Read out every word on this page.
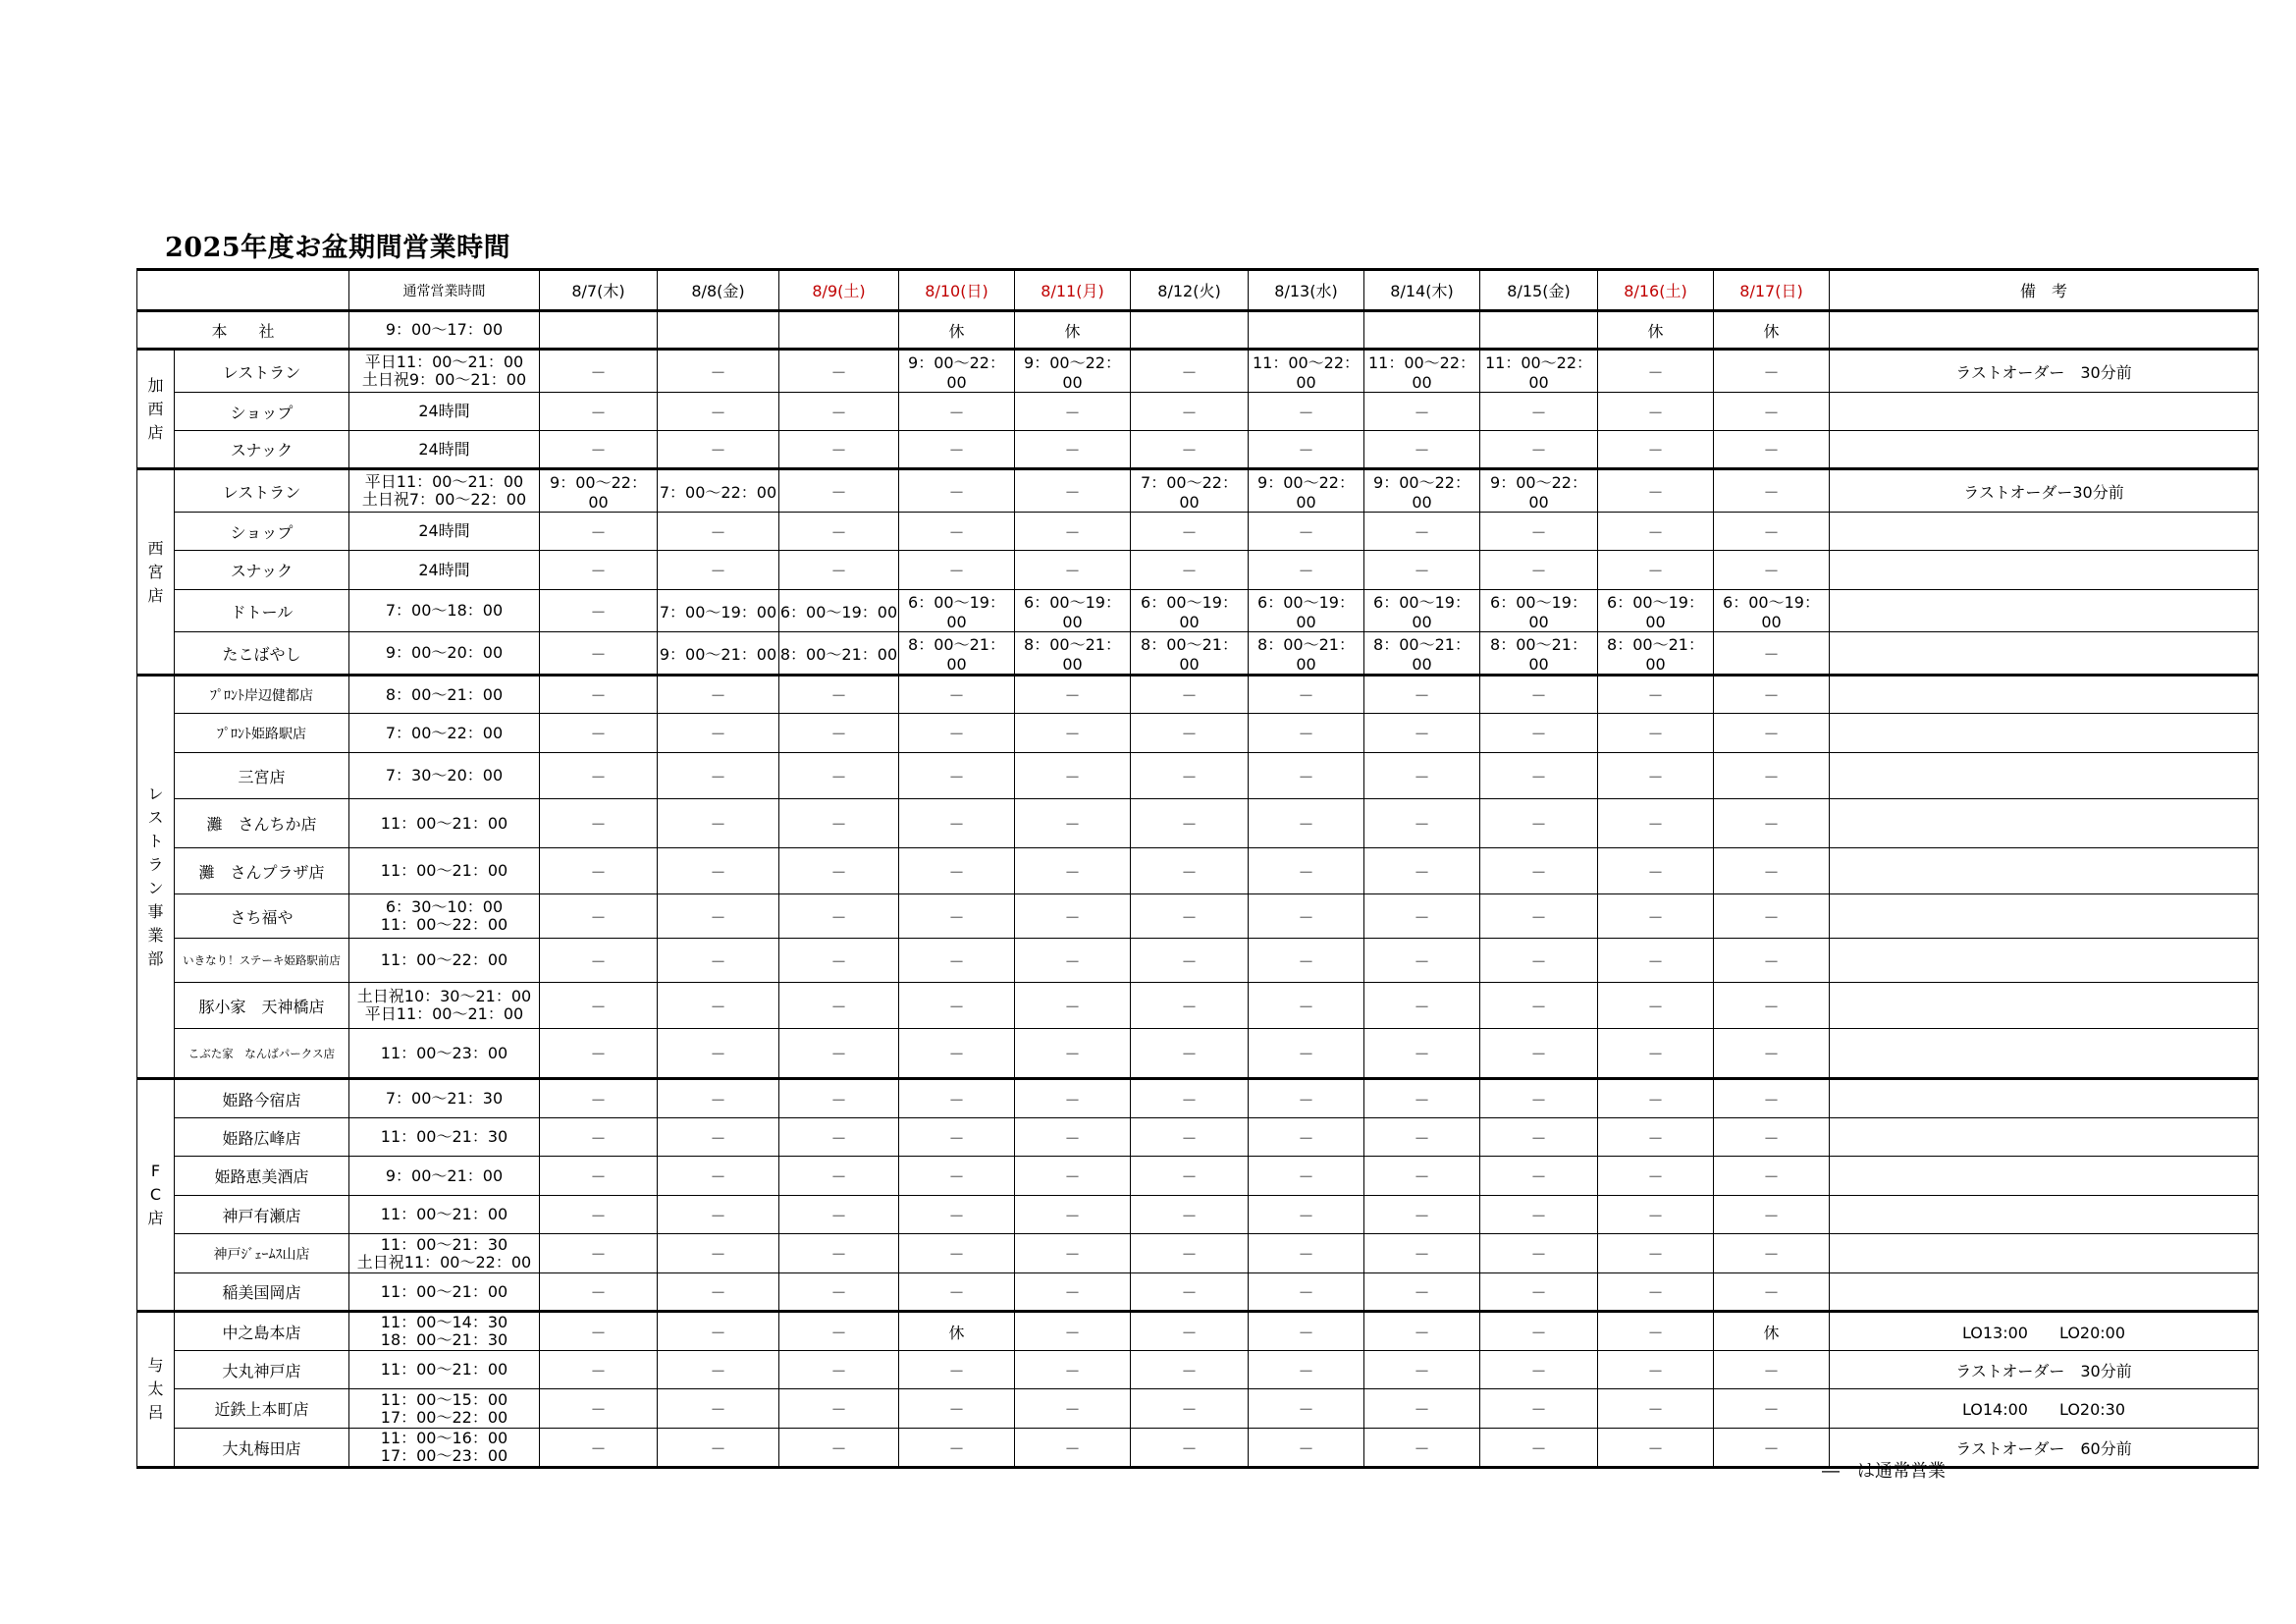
2025年度お盆期間営業時間
		通常営業時間	8/7(木)	8/8(金)	8/9(土)	8/10(日)	8/11(月)	8/12(火)	8/13(水)	8/14(木)	8/15(金)	8/16(土)	8/17(日)	備　考
本　　社		9：00～17：00				休	休					休	休	

加西店	レストラン	平日11：00～21：00
土日祝9：00～21：00	－	－	－	9：00～22：00	9：00～22：00	－	11：00～22：00	11：00～22：00	11：00～22：00	－	－	ラストオーダー　30分前
	ショップ	24時間	－	－	－	－	－	－	－	－	－	－	－	
	スナック	24時間	－	－	－	－	－	－	－	－	－	－	－	

西宮店	レストラン	平日11：00～21：00
土日祝7：00～22：00	9：00～22：00	7：00～22：00	－	－	－	7：00～22：00	9：00～22：00	9：00～22：00	9：00～22：00	－	－	ラストオーダー30分前
	ショップ	24時間	－	－	－	－	－	－	－	－	－	－	－	
	スナック	24時間	－	－	－	－	－	－	－	－	－	－	－	
	ドトール	7：00～18：00	－	7：00～19：00	6：00～19：00	6：00～19：00	6：00～19：00	6：00～19：00	6：00～19：00	6：00～19：00	6：00～19：00	6：00～19：00	6：00～19：00	
	たこばやし	9：00～20：00	－	9：00～21：00	8：00～21：00	8：00～21：00	8：00～21：00	8：00～21：00	8：00～21：00	8：00～21：00	8：00～21：00	8：00～21：00	－	

レストラン事業部	ﾌﾟﾛﾝﾄ岸辺健都店	8：00～21：00	－	－	－	－	－	－	－	－	－	－	－	
	ﾌﾟﾛﾝﾄ姫路駅店	7：00～22：00	－	－	－	－	－	－	－	－	－	－	－	
	三宮店	7：30～20：00	－	－	－	－	－	－	－	－	－	－	－	
	灘　さんちか店	11：00～21：00	－	－	－	－	－	－	－	－	－	－	－	
	灘　さんプラザ店	11：00～21：00	－	－	－	－	－	－	－	－	－	－	－	
	さち福や	6：30～10：00
11：00～22：00	－	－	－	－	－	－	－	－	－	－	－	
	いきなり！ステーキ姫路駅前店	11：00～22：00	－	－	－	－	－	－	－	－	－	－	－	
	豚小家　天神橋店	土日祝10：30～21：00
平日11：00～21：00	－	－	－	－	－	－	－	－	－	－	－	
	こぶた家　なんばパークス店	11：00～23：00	－	－	－	－	－	－	－	－	－	－	－	

FC店	姫路今宿店	7：00～21：30	－	－	－	－	－	－	－	－	－	－	－	
	姫路広峰店	11：00～21：30	－	－	－	－	－	－	－	－	－	－	－	
	姫路恵美酒店	9：00～21：00	－	－	－	－	－	－	－	－	－	－	－	
	神戸有瀬店	11：00～21：00	－	－	－	－	－	－	－	－	－	－	－	
	神戸ｼﾞｪｰﾑｽ山店	11：00～21：30
土日祝11：00～22：00	－	－	－	－	－	－	－	－	－	－	－	
	稲美国岡店	11：00～21：00	－	－	－	－	－	－	－	－	－	－	－	

与太呂	中之島本店	11：00～14：30
18：00～21：30	－	－	－	休	－	－	－	－	－	－	休	LO13:00　　LO20:00
	大丸神戸店	11：00～21：00	－	－	－	－	－	－	－	－	－	－	－	ラストオーダー　30分前
	近鉄上本町店	11：00～15：00
17：00～22：00	－	－	－	－	－	－	－	－	－	－	－	LO14:00　　LO20:30
	大丸梅田店	11：00～16：00
17：00～23：00	－	－	－	－	－	－	－	－	－	－	－	ラストオーダー　60分前
―　は通常営業
